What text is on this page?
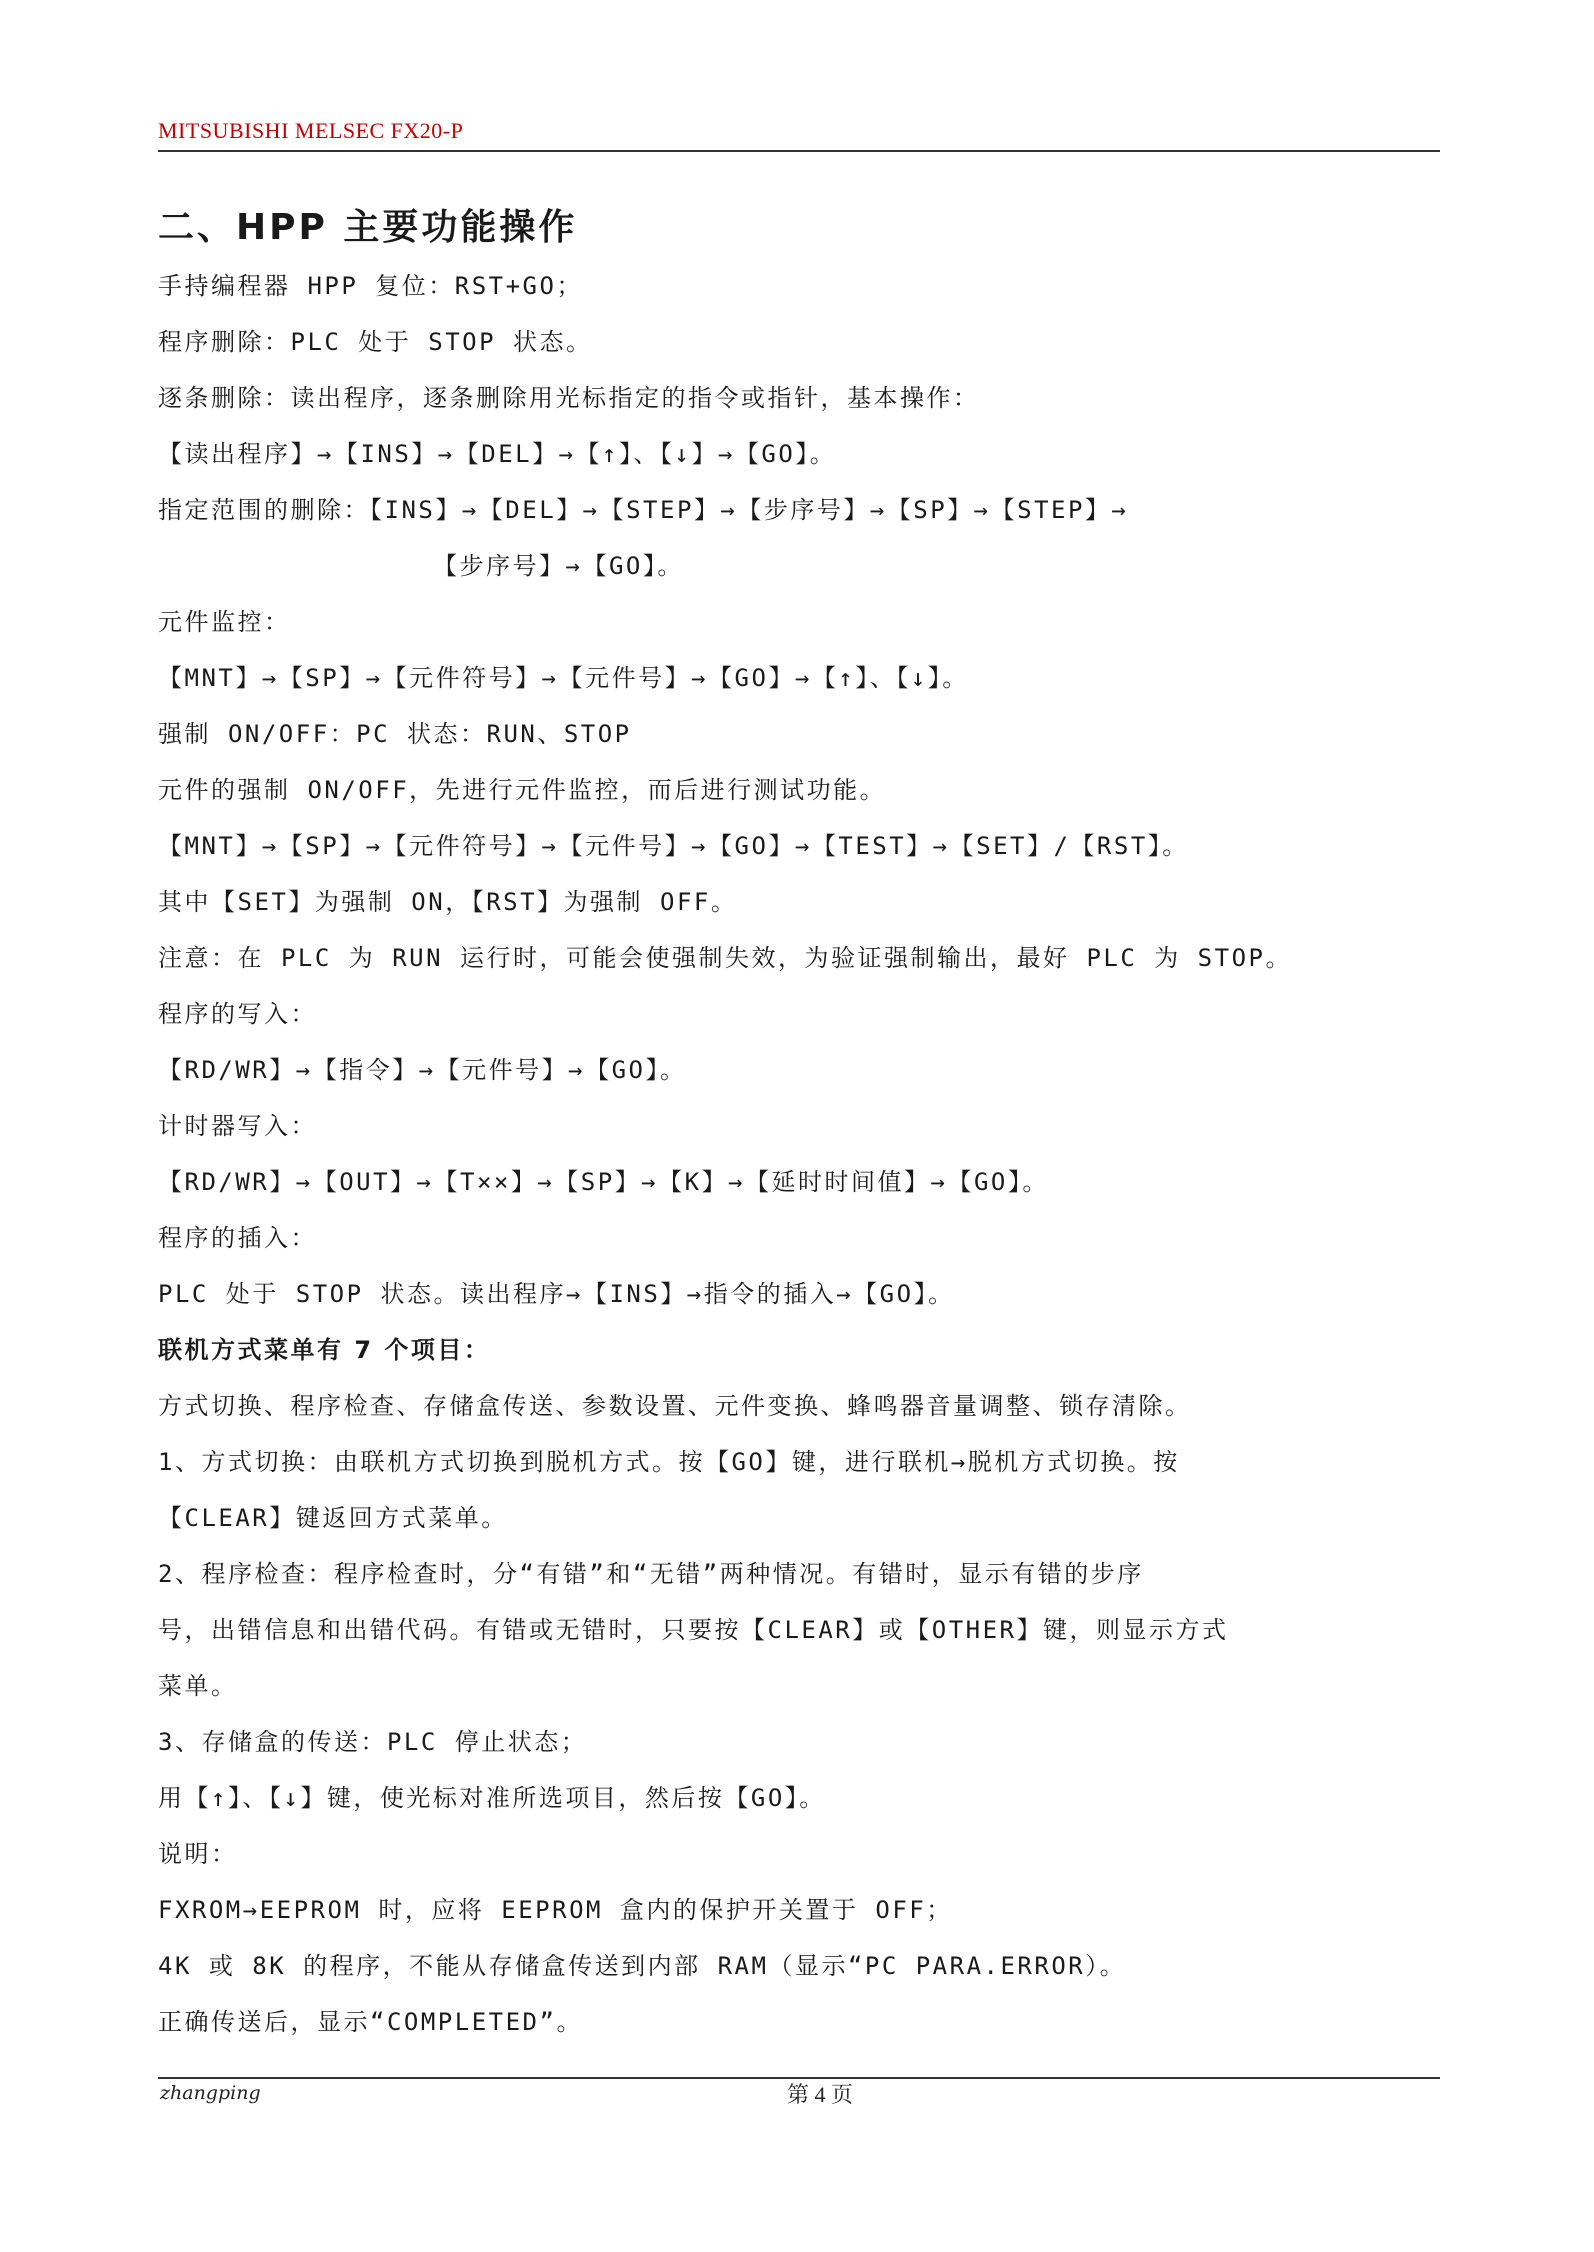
MITSUBISHI MELSEC FX20-P
二、HPP 主要功能操作
手持编程器 HPP 复位：RST+GO；
程序删除：PLC 处于 STOP 状态。
逐条删除：读出程序，逐条删除用光标指定的指令或指针，基本操作：
【读出程序】→【INS】→【DEL】→【↑】、【↓】→【GO】。
指定范围的删除：【INS】→【DEL】→【STEP】→【步序号】→【SP】→【STEP】→
【步序号】→【GO】。
元件监控：
【MNT】→【SP】→【元件符号】→【元件号】→【GO】→【↑】、【↓】。
强制 ON/OFF：PC 状态：RUN、STOP
元件的强制 ON/OFF，先进行元件监控，而后进行测试功能。
【MNT】→【SP】→【元件符号】→【元件号】→【GO】→【TEST】→【SET】/【RST】。
其中【SET】为强制 ON，【RST】为强制 OFF。
注意：在 PLC 为 RUN 运行时，可能会使强制失效，为验证强制输出，最好 PLC 为 STOP。
程序的写入：
【RD/WR】→【指令】→【元件号】→【GO】。
计时器写入：
【RD/WR】→【OUT】→【T××】→【SP】→【K】→【延时时间值】→【GO】。
程序的插入：
PLC 处于 STOP 状态。读出程序→【INS】→指令的插入→【GO】。
联机方式菜单有 7 个项目：
方式切换、程序检查、存储盒传送、参数设置、元件变换、蜂鸣器音量调整、锁存清除。
1、方式切换：由联机方式切换到脱机方式。按【GO】键，进行联机→脱机方式切换。按
【CLEAR】键返回方式菜单。
2、程序检查：程序检查时，分“有错”和“无错”两种情况。有错时，显示有错的步序
号，出错信息和出错代码。有错或无错时，只要按【CLEAR】或【OTHER】键，则显示方式
菜单。
3、存储盒的传送：PLC 停止状态；
用【↑】、【↓】键，使光标对准所选项目，然后按【GO】。
说明：
FXROM→EEPROM 时，应将 EEPROM 盒内的保护开关置于 OFF；
4K 或 8K 的程序，不能从存储盒传送到内部 RAM（显示“PC PARA.ERROR）。
正确传送后，显示“COMPLETED”。
zhangping	第 4 页
